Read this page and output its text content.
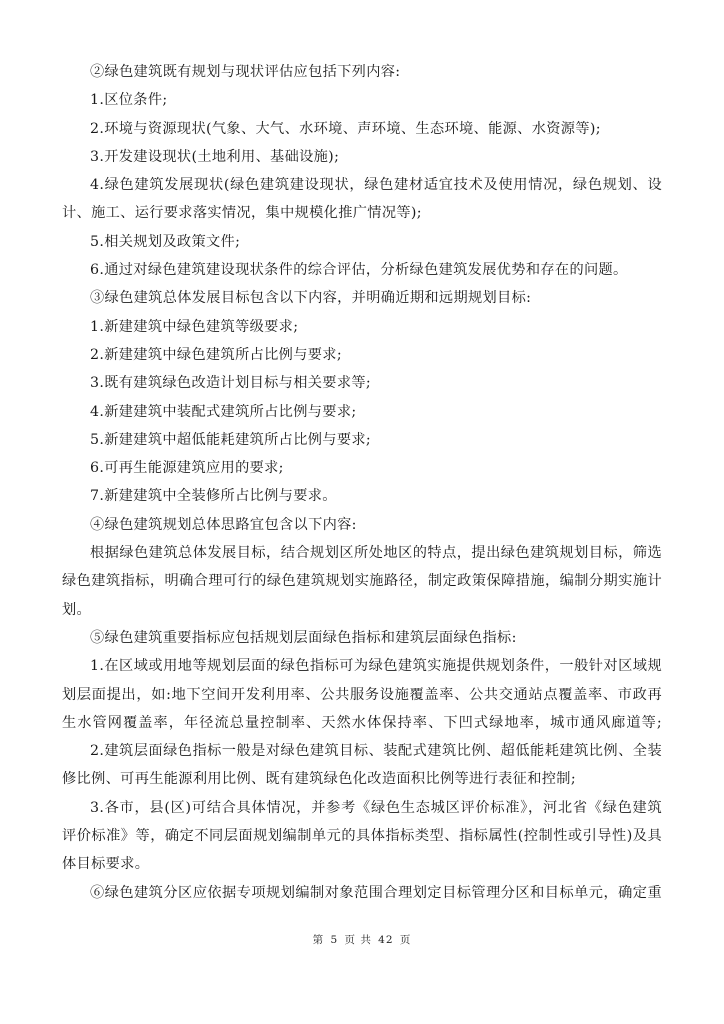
②绿色建筑既有规划与现状评估应包括下列内容:
1.区位条件;
2.环境与资源现状(气象、大气、水环境、声环境、生态环境、能源、水资源等);
3.开发建设现状(土地利用、基础设施);
4.绿色建筑发展现状(绿色建筑建设现状，绿色建材适宜技术及使用情况，绿色规划、设
计、施工、运行要求落实情况，集中规模化推广情况等);
5.相关规划及政策文件;
6.通过对绿色建筑建设现状条件的综合评估，分析绿色建筑发展优势和存在的问题。
③绿色建筑总体发展目标包含以下内容，并明确近期和远期规划目标:
1.新建建筑中绿色建筑等级要求;
2.新建建筑中绿色建筑所占比例与要求;
3.既有建筑绿色改造计划目标与相关要求等;
4.新建建筑中装配式建筑所占比例与要求;
5.新建建筑中超低能耗建筑所占比例与要求;
6.可再生能源建筑应用的要求;
7.新建建筑中全装修所占比例与要求。
④绿色建筑规划总体思路宜包含以下内容:
根据绿色建筑总体发展目标，结合规划区所处地区的特点，提出绿色建筑规划目标，筛选
绿色建筑指标，明确合理可行的绿色建筑规划实施路径，制定政策保障措施，编制分期实施计
划。
⑤绿色建筑重要指标应包括规划层面绿色指标和建筑层面绿色指标:
1.在区域或用地等规划层面的绿色指标可为绿色建筑实施提供规划条件，一般针对区域规
划层面提出，如:地下空间开发利用率、公共服务设施覆盖率、公共交通站点覆盖率、市政再
生水管网覆盖率，年径流总量控制率、天然水体保持率、下凹式绿地率，城市通风廊道等;
2.建筑层面绿色指标一般是对绿色建筑目标、装配式建筑比例、超低能耗建筑比例、全装
修比例、可再生能源利用比例、既有建筑绿色化改造面积比例等进行表征和控制;
3.各市，县(区)可结合具体情况，并参考《绿色生态城区评价标准》，河北省《绿色建筑
评价标准》等，确定不同层面规划编制单元的具体指标类型、指标属性(控制性或引导性)及具
体目标要求。
⑥绿色建筑分区应依据专项规划编制对象范围合理划定目标管理分区和目标单元，确定重
第 5 页 共 42 页
